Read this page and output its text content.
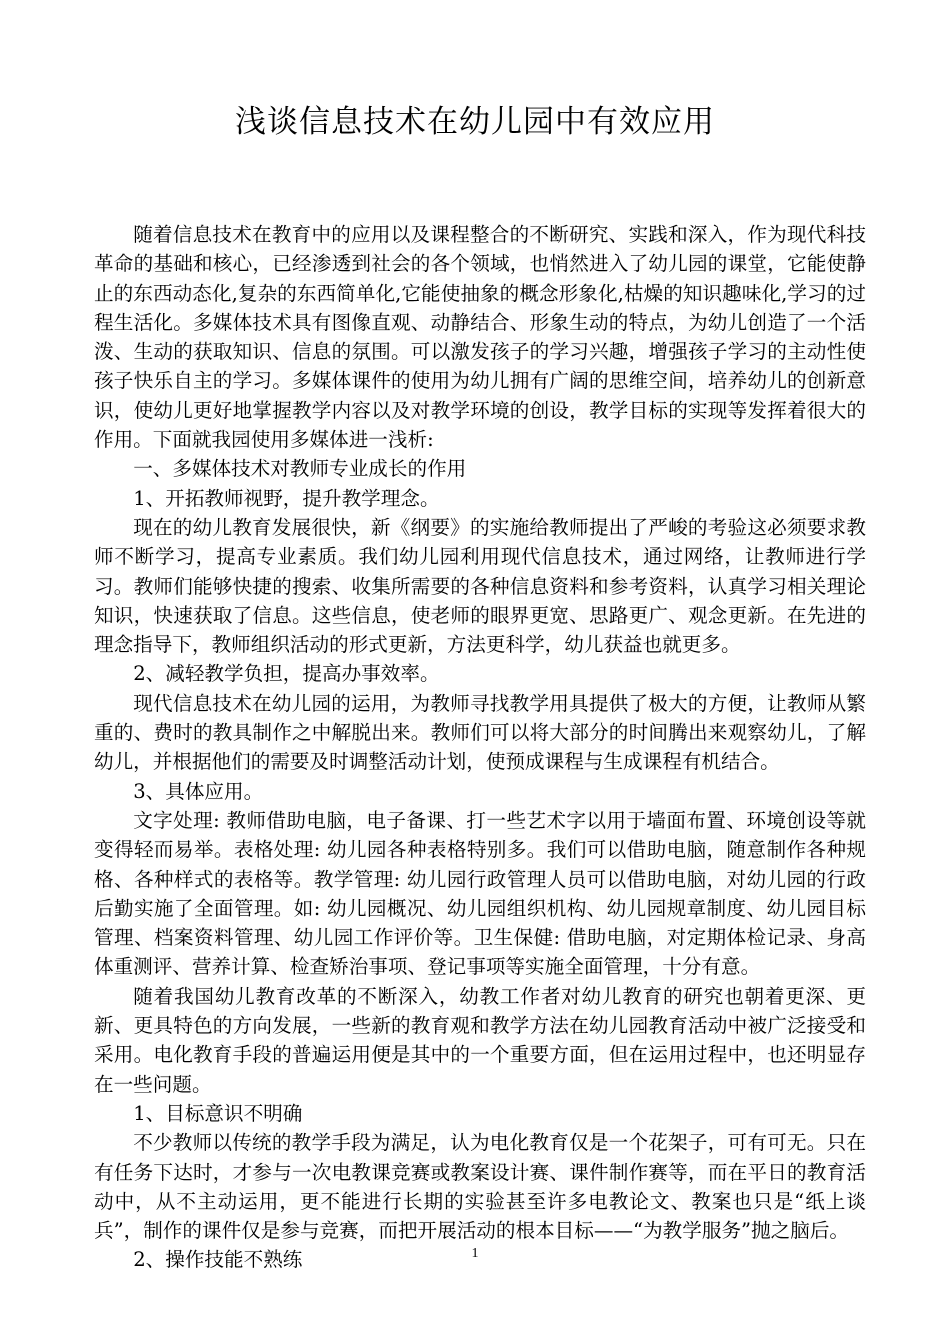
浅谈信息技术在幼儿园中有效应用

随着信息技术在教育中的应用以及课程整合的不断研究、实践和深入，作为现代科技革命的基础和核心，已经渗透到社会的各个领域，也悄然进入了幼儿园的课堂，它能使静止的东西动态化,复杂的东西简单化,它能使抽象的概念形象化,枯燥的知识趣味化,学习的过程生活化。多媒体技术具有图像直观、动静结合、形象生动的特点，为幼儿创造了一个活泼、生动的获取知识、信息的氛围。可以激发孩子的学习兴趣，增强孩子学习的主动性使孩子快乐自主的学习。多媒体课件的使用为幼儿拥有广阔的思维空间，培养幼儿的创新意识，使幼儿更好地掌握教学内容以及对教学环境的创设，教学目标的实现等发挥着很大的作用。下面就我园使用多媒体进一浅析:

一、多媒体技术对教师专业成长的作用

1、开拓教师视野，提升教学理念。

现在的幼儿教育发展很快，新《纲要》的实施给教师提出了严峻的考验这必须要求教师不断学习，提高专业素质。我们幼儿园利用现代信息技术，通过网络，让教师进行学习。教师们能够快捷的搜索、收集所需要的各种信息资料和参考资料，认真学习相关理论知识，快速获取了信息。这些信息，使老师的眼界更宽、思路更广、观念更新。在先进的理念指导下，教师组织活动的形式更新，方法更科学，幼儿获益也就更多。

2、减轻教学负担，提高办事效率。

现代信息技术在幼儿园的运用，为教师寻找教学用具提供了极大的方便，让教师从繁重的、费时的教具制作之中解脱出来。教师们可以将大部分的时间腾出来观察幼儿，了解幼儿，并根据他们的需要及时调整活动计划，使预成课程与生成课程有机结合。

3、具体应用。

文字处理: 教师借助电脑，电子备课、打一些艺术字以用于墙面布置、环境创设等就变得轻而易举。表格处理: 幼儿园各种表格特别多。我们可以借助电脑，随意制作各种规格、各种样式的表格等。教学管理: 幼儿园行政管理人员可以借助电脑，对幼儿园的行政后勤实施了全面管理。如: 幼儿园概况、幼儿园组织机构、幼儿园规章制度、幼儿园目标管理、档案资料管理、幼儿园工作评价等。卫生保健: 借助电脑，对定期体检记录、身高体重测评、营养计算、检查矫治事项、登记事项等实施全面管理，十分有意。

随着我国幼儿教育改革的不断深入，幼教工作者对幼儿教育的研究也朝着更深、更新、更具特色的方向发展，一些新的教育观和教学方法在幼儿园教育活动中被广泛接受和采用。电化教育手段的普遍运用便是其中的一个重要方面，但在运用过程中，也还明显存在一些问题。

1、目标意识不明确

不少教师以传统的教学手段为满足，认为电化教育仅是一个花架子，可有可无。只在有任务下达时，才参与一次电教课竞赛或教案设计赛、课件制作赛等，而在平日的教育活动中，从不主动运用，更不能进行长期的实验甚至许多电教论文、教案也只是“纸上谈兵”，制作的课件仅是参与竞赛，而把开展活动的根本目标——“为教学服务”抛之脑后。

2、操作技能不熟练	1
